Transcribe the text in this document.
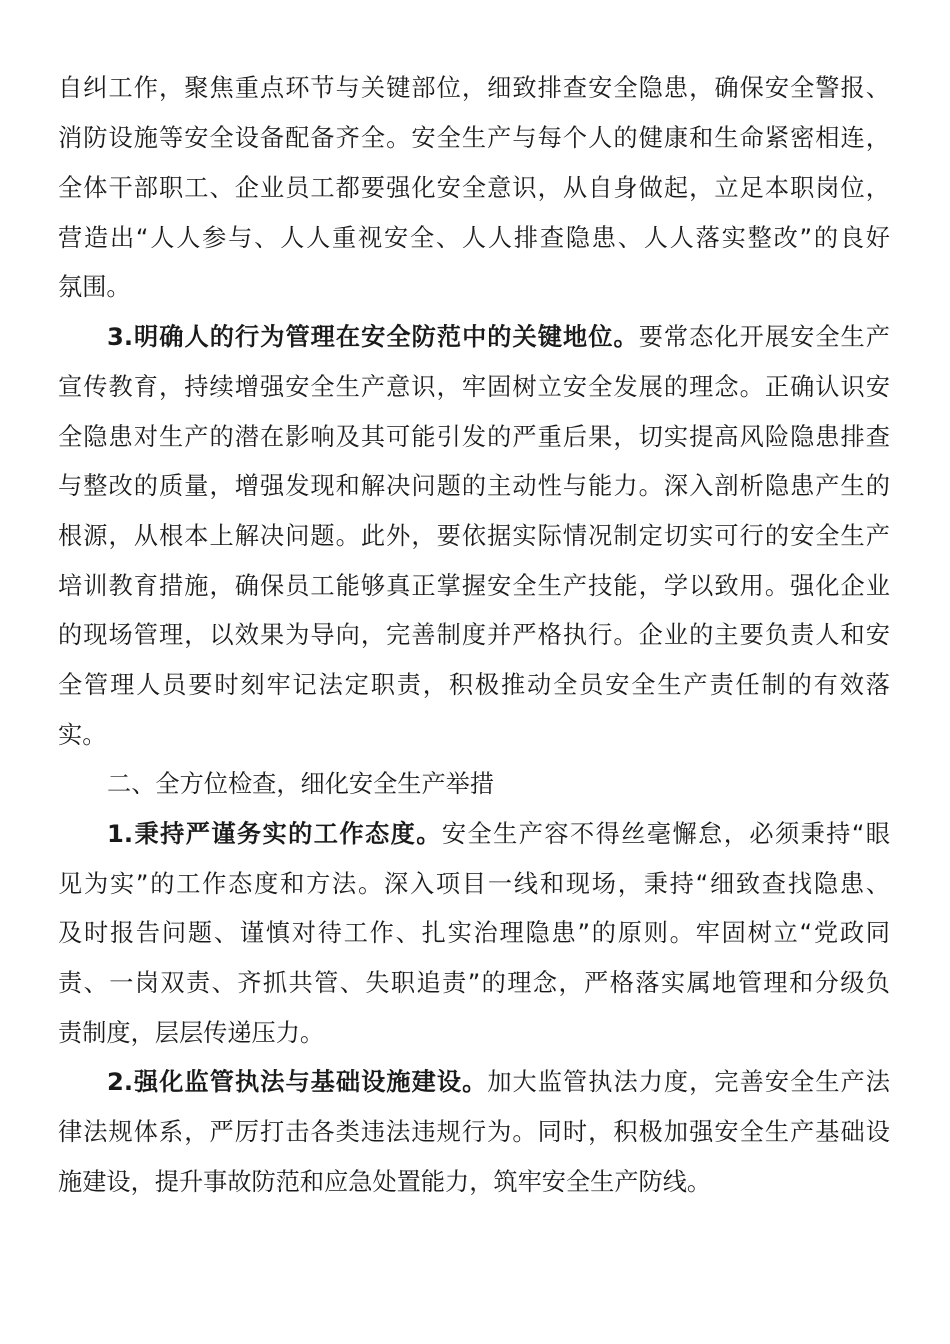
自纠工作，聚焦重点环节与关键部位，细致排查安全隐患，确保安全警报、
消防设施等安全设备配备齐全。安全生产与每个人的健康和生命紧密相连，
全体干部职工、企业员工都要强化安全意识，从自身做起，立足本职岗位，
营造出“人人参与、人人重视安全、人人排查隐患、人人落实整改”的良好
氛围。
3.明确人的行为管理在安全防范中的关键地位。要常态化开展安全生产
宣传教育，持续增强安全生产意识，牢固树立安全发展的理念。正确认识安
全隐患对生产的潜在影响及其可能引发的严重后果，切实提高风险隐患排查
与整改的质量，增强发现和解决问题的主动性与能力。深入剖析隐患产生的
根源，从根本上解决问题。此外，要依据实际情况制定切实可行的安全生产
培训教育措施，确保员工能够真正掌握安全生产技能，学以致用。强化企业
的现场管理，以效果为导向，完善制度并严格执行。企业的主要负责人和安
全管理人员要时刻牢记法定职责，积极推动全员安全生产责任制的有效落
实。
二、全方位检查，细化安全生产举措
1.秉持严谨务实的工作态度。安全生产容不得丝毫懈怠，必须秉持“眼
见为实”的工作态度和方法。深入项目一线和现场，秉持“细致查找隐患、
及时报告问题、谨慎对待工作、扎实治理隐患”的原则。牢固树立“党政同
责、一岗双责、齐抓共管、失职追责”的理念，严格落实属地管理和分级负
责制度，层层传递压力。
2.强化监管执法与基础设施建设。加大监管执法力度，完善安全生产法
律法规体系，严厉打击各类违法违规行为。同时，积极加强安全生产基础设
施建设，提升事故防范和应急处置能力，筑牢安全生产防线。
